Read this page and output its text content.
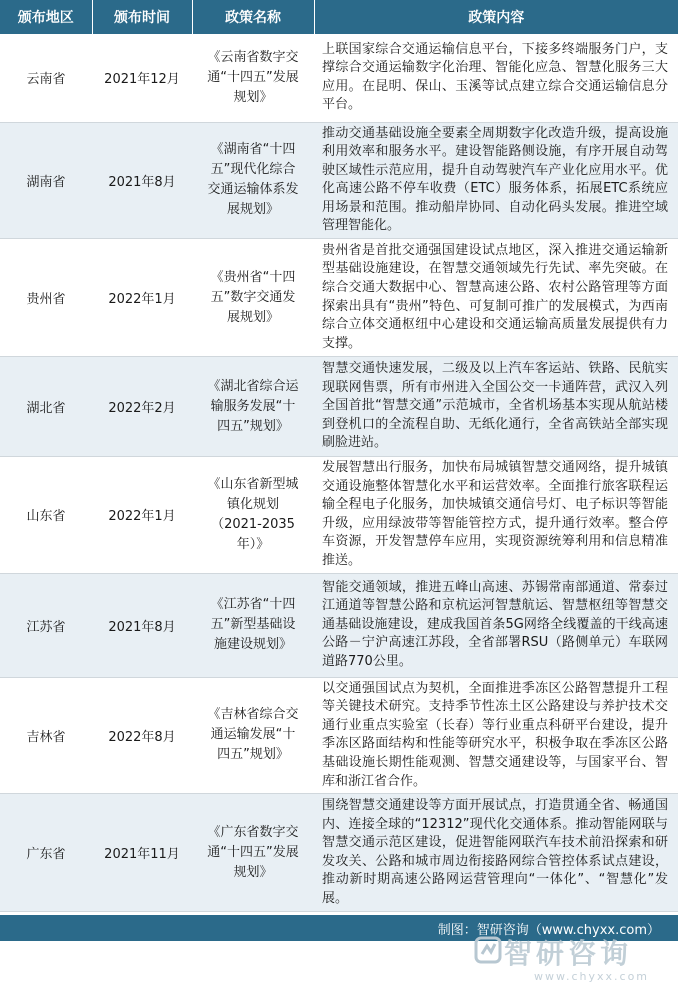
颁布地区	颁布时间	政策名称	政策内容
云南省	2021年12月	《云南省数字交通“十四五”发展规划》	上联国家综合交通运输信息平台，下接多终端服务门户，支撑综合交通运输数字化治理、智能化应急、智慧化服务三大应用。在昆明、保山、玉溪等试点建立综合交通运输信息分平台。
湖南省	2021年8月	《湖南省“十四五”现代化综合交通运输体系发展规划》	推动交通基础设施全要素全周期数字化改造升级，提高设施利用效率和服务水平。建设智能路侧设施，有序开展自动驾驶区域性示范应用，提升自动驾驶汽车产业化应用水平。优化高速公路不停车收费（ETC）服务体系，拓展ETC系统应用场景和范围。推动船岸协同、自动化码头发展。推进空域管理智能化。
贵州省	2022年1月	《贵州省“十四五”数字交通发展规划》	贵州省是首批交通强国建设试点地区，深入推进交通运输新型基础设施建设，在智慧交通领域先行先试、率先突破。在综合交通大数据中心、智慧高速公路、农村公路管理等方面探索出具有“贵州”特色、可复制可推广的发展模式，为西南综合立体交通枢纽中心建设和交通运输高质量发展提供有力支撑。
湖北省	2022年2月	《湖北省综合运输服务发展“十四五”规划》	智慧交通快速发展，二级及以上汽车客运站、铁路、民航实现联网售票，所有市州进入全国公交一卡通阵营，武汉入列全国首批“智慧交通”示范城市，全省机场基本实现从航站楼到登机口的全流程自助、无纸化通行，全省高铁站全部实现刷脸进站。
山东省	2022年1月	《山东省新型城镇化规划（2021-2035年）》	发展智慧出行服务，加快布局城镇智慧交通网络，提升城镇交通设施整体智慧化水平和运营效率。全面推行旅客联程运输全程电子化服务，加快城镇交通信号灯、电子标识等智能升级，应用绿波带等智能管控方式，提升通行效率。整合停车资源，开发智慧停车应用，实现资源统筹利用和信息精准推送。
江苏省	2021年8月	《江苏省“十四五”新型基础设施建设规划》	智能交通领域，推进五峰山高速、苏锡常南部通道、常泰过江通道等智慧公路和京杭运河智慧航运、智慧枢纽等智慧交通基础设施建设，建成我国首条5G网络全线覆盖的干线高速公路－宁沪高速江苏段，全省部署RSU（路侧单元）车联网道路770公里。
吉林省	2022年8月	《吉林省综合交通运输发展“十四五”规划》	以交通强国试点为契机，全面推进季冻区公路智慧提升工程等关键技术研究。支持季节性冻土区公路建设与养护技术交通行业重点实验室（长春）等行业重点科研平台建设，提升季冻区路面结构和性能等研究水平，积极争取在季冻区公路基础设施长期性能观测、智慧交通建设等，与国家平台、智库和浙江省合作。
广东省	2021年11月	《广东省数字交通“十四五”发展规划》	围绕智慧交通建设等方面开展试点，打造贯通全省、畅通国内、连接全球的“12312”现代化交通体系。推动智能网联与智慧交通示范区建设，促进智能网联汽车技术前沿探索和研发攻关、公路和城市周边衔接路网综合管控体系试点建设，推动新时期高速公路网运营管理向“一体化”、“智慧化”发展。
制图：智研咨询（www.chyxx.com）
智研咨询
www.chyxx.com
